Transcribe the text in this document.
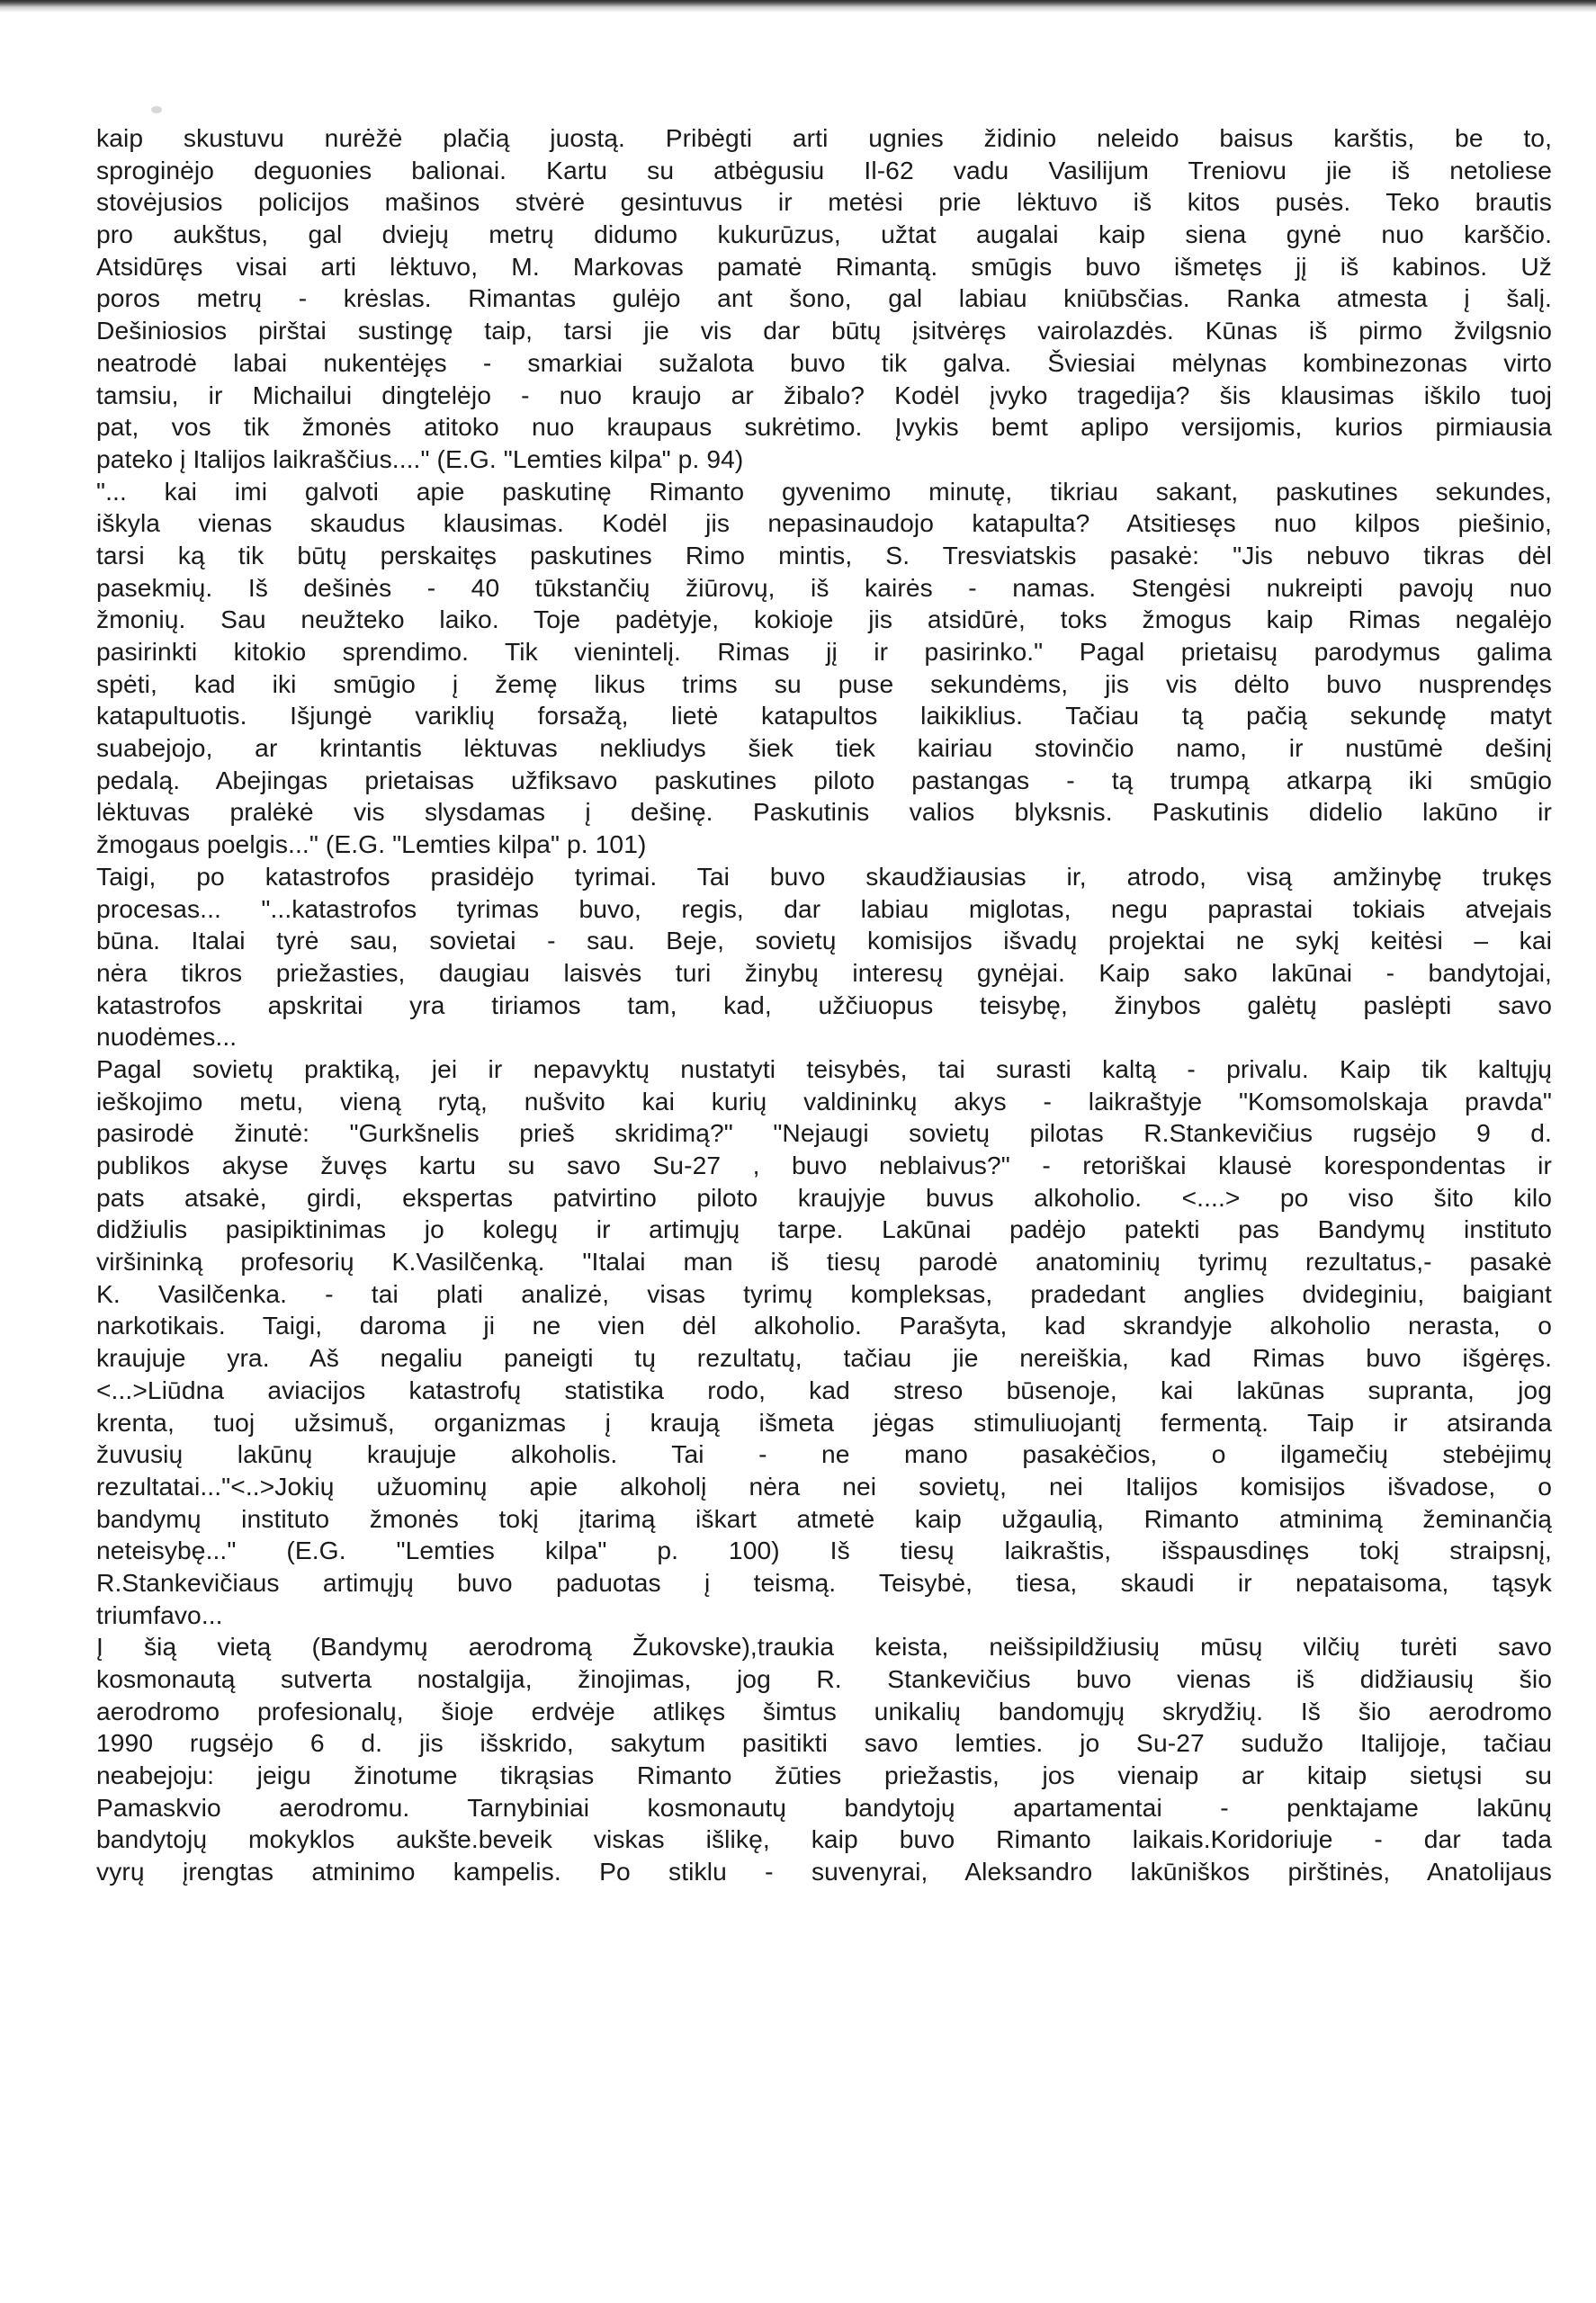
kaip skustuvu nurėžė plačią juostą. Pribėgti arti ugnies židinio neleido baisus karštis, be to,
sproginėjo deguonies balionai. Kartu su atbėgusiu Il-62 vadu Vasilijum Treniovu jie iš netoliese
stovėjusios policijos mašinos stvėrė gesintuvus ir metėsi prie lėktuvo iš kitos pusės. Teko brautis
pro aukštus, gal dviejų metrų didumo kukurūzus, užtat augalai kaip siena gynė nuo karščio.
Atsidūręs visai arti lėktuvo, M. Markovas pamatė Rimantą. smūgis buvo išmetęs jį iš kabinos. Už
poros metrų - krėslas. Rimantas gulėjo ant šono, gal labiau kniūbsčias. Ranka atmesta į šalį.
Dešiniosios pirštai sustingę taip, tarsi jie vis dar būtų įsitvėręs vairolazdės. Kūnas iš pirmo žvilgsnio
neatrodė labai nukentėjęs - smarkiai sužalota buvo tik galva. Šviesiai mėlynas kombinezonas virto
tamsiu, ir Michailui dingtelėjo - nuo kraujo ar žibalo? Kodėl įvyko tragedija? šis klausimas iškilo tuoj
pat, vos tik žmonės atitoko nuo kraupaus sukrėtimo. Įvykis bemt aplipo versijomis, kurios pirmiausia
pateko į Italijos laikraščius...." (E.G. "Lemties kilpa" p. 94)
"... kai imi galvoti apie paskutinę Rimanto gyvenimo minutę, tikriau sakant, paskutines sekundes,
iškyla vienas skaudus klausimas. Kodėl jis nepasinaudojo katapulta? Atsitiesęs nuo kilpos piešinio,
tarsi ką tik būtų perskaitęs paskutines Rimo mintis, S. Tresviatskis pasakė: "Jis nebuvo tikras dėl
pasekmių. Iš dešinės - 40 tūkstančių žiūrovų, iš kairės - namas. Stengėsi nukreipti pavojų nuo
žmonių. Sau neužteko laiko. Toje padėtyje, kokioje jis atsidūrė, toks žmogus kaip Rimas negalėjo
pasirinkti kitokio sprendimo. Tik vienintelį. Rimas jį ir pasirinko." Pagal prietaisų parodymus galima
spėti, kad iki smūgio į žemę likus trims su puse sekundėms, jis vis dėlto buvo nusprendęs
katapultuotis. Išjungė variklių forsažą, lietė katapultos laikiklius. Tačiau tą pačią sekundę matyt
suabejojo, ar krintantis lėktuvas nekliudys šiek tiek kairiau stovinčio namo, ir nustūmė dešinį
pedalą. Abejingas prietaisas užfiksavo paskutines piloto pastangas - tą trumpą atkarpą iki smūgio
lėktuvas pralėkė vis slysdamas į dešinę. Paskutinis valios blyksnis. Paskutinis didelio lakūno ir
žmogaus poelgis..." (E.G. "Lemties kilpa" p. 101)
Taigi, po katastrofos prasidėjo tyrimai. Tai buvo skaudžiausias ir, atrodo, visą amžinybę trukęs
procesas... "...katastrofos tyrimas buvo, regis, dar labiau miglotas, negu paprastai tokiais atvejais
būna. Italai tyrė sau, sovietai - sau. Beje, sovietų komisijos išvadų projektai ne sykį keitėsi – kai
nėra tikros priežasties, daugiau laisvės turi žinybų interesų gynėjai. Kaip sako lakūnai - bandytojai,
katastrofos apskritai yra tiriamos tam, kad, užčiuopus teisybę, žinybos galėtų paslėpti savo
nuodėmes...
Pagal sovietų praktiką, jei ir nepavyktų nustatyti teisybės, tai surasti kaltą - privalu. Kaip tik kaltųjų
ieškojimo metu, vieną rytą, nušvito kai kurių valdininkų akys - laikraštyje "Komsomolskaja pravda"
pasirodė žinutė: "Gurkšnelis prieš skridimą?" "Nejaugi sovietų pilotas R.Stankevičius rugsėjo 9 d.
publikos akyse žuvęs kartu su savo Su-27 , buvo neblaivus?" - retoriškai klausė korespondentas ir
pats atsakė, girdi, ekspertas patvirtino piloto kraujyje buvus alkoholio. <....> po viso šito kilo
didžiulis pasipiktinimas jo kolegų ir artimųjų tarpe. Lakūnai padėjo patekti pas Bandymų instituto
viršininką profesorių K.Vasilčenką. "Italai man iš tiesų parodė anatominių tyrimų rezultatus,- pasakė
K. Vasilčenka. - tai plati analizė, visas tyrimų kompleksas, pradedant anglies dvideginiu, baigiant
narkotikais. Taigi, daroma ji ne vien dėl alkoholio. Parašyta, kad skrandyje alkoholio nerasta, o
kraujuje yra. Aš negaliu paneigti tų rezultatų, tačiau jie nereiškia, kad Rimas buvo išgėręs.
<...>Liūdna aviacijos katastrofų statistika rodo, kad streso būsenoje, kai lakūnas supranta, jog
krenta, tuoj užsimuš, organizmas į kraują išmeta jėgas stimuliuojantį fermentą. Taip ir atsiranda
žuvusių lakūnų kraujuje alkoholis. Tai - ne mano pasakėčios, o ilgamečių stebėjimų
rezultatai..."<..>Jokių užuominų apie alkoholį nėra nei sovietų, nei Italijos komisijos išvadose, o
bandymų instituto žmonės tokį įtarimą iškart atmetė kaip užgaulią, Rimanto atminimą žeminančią
neteisybę..." (E.G. "Lemties kilpa" p. 100) Iš tiesų laikraštis, išspausdinęs tokį straipsnį,
R.Stankevičiaus artimųjų buvo paduotas į teismą. Teisybė, tiesa, skaudi ir nepataisoma, tąsyk
triumfavo...
Į šią vietą (Bandymų aerodromą Žukovske),traukia keista, neišsipildžiusių mūsų vilčių turėti savo
kosmonautą sutverta nostalgija, žinojimas, jog R. Stankevičius buvo vienas iš didžiausių šio
aerodromo profesionalų, šioje erdvėje atlikęs šimtus unikalių bandomųjų skrydžių. Iš šio aerodromo
1990 rugsėjo 6 d. jis išskrido, sakytum pasitikti savo lemties. jo Su-27 sudužo Italijoje, tačiau
neabejoju: jeigu žinotume tikrąsias Rimanto žūties priežastis, jos vienaip ar kitaip sietųsi su
Pamaskvio aerodromu. Tarnybiniai kosmonautų bandytojų apartamentai - penktajame lakūnų
bandytojų mokyklos aukšte.beveik viskas išlikę, kaip buvo Rimanto laikais.Koridoriuje - dar tada
vyrų įrengtas atminimo kampelis. Po stiklu - suvenyrai, Aleksandro lakūniškos pirštinės, Anatolijaus
